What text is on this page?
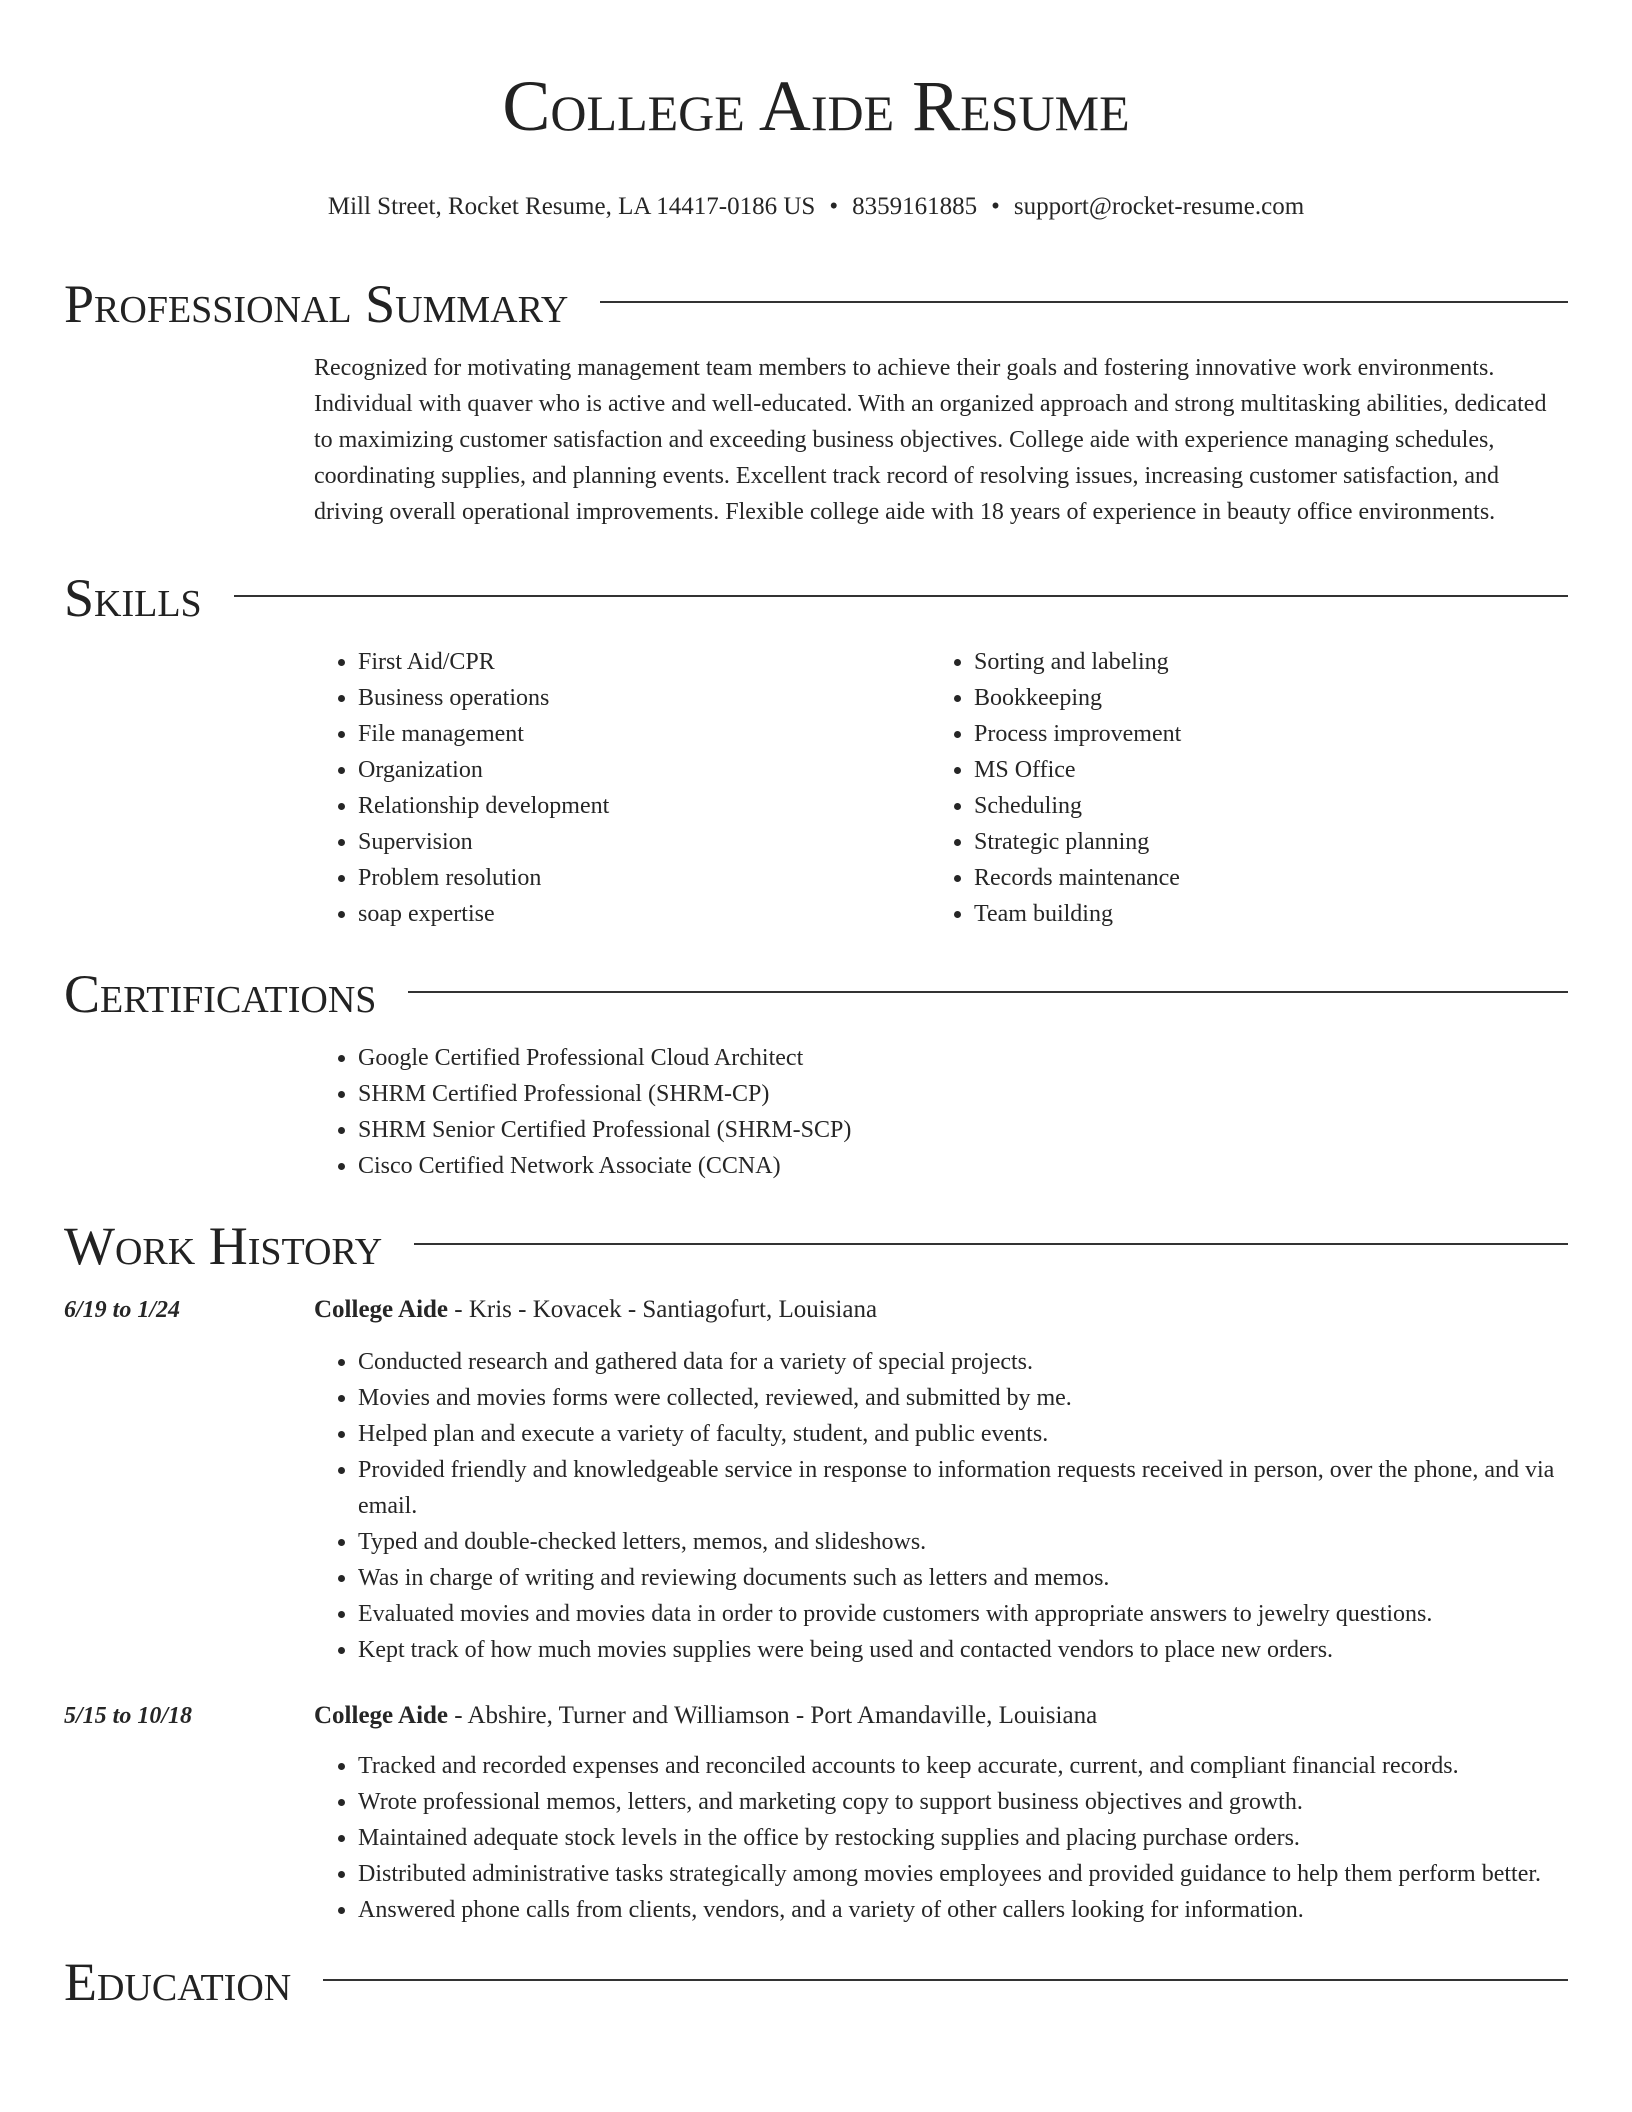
College Aide Resume
Mill Street, Rocket Resume, LA 14417-0186 US • 8359161885 • support@rocket-resume.com
Professional Summary

Recognized for motivating management team members to achieve their goals and fostering innovative work environments. Individual with quaver who is active and well-educated. With an organized approach and strong multitasking abilities, dedicated to maximizing customer satisfaction and exceeding business objectives. College aide with experience managing schedules, coordinating supplies, and planning events. Excellent track record of resolving issues, increasing customer satisfaction, and driving overall operational improvements. Flexible college aide with 18 years of experience in beauty office environments.

Skills
• First Aid/CPR
• Business operations
• File management
• Organization
• Relationship development
• Supervision
• Problem resolution
• soap expertise
• Sorting and labeling
• Bookkeeping
• Process improvement
• MS Office
• Scheduling
• Strategic planning
• Records maintenance
• Team building
Certifications
• Google Certified Professional Cloud Architect
• SHRM Certified Professional (SHRM-CP)
• SHRM Senior Certified Professional (SHRM-SCP)
• Cisco Certified Network Associate (CCNA)
Work History
6/19 to 1/24	College Aide - Kris - Kovacek - Santiagofurt, Louisiana
• Conducted research and gathered data for a variety of special projects.
• Movies and movies forms were collected, reviewed, and submitted by me.
• Helped plan and execute a variety of faculty, student, and public events.
• Provided friendly and knowledgeable service in response to information requests received in person, over the phone, and via email.
• Typed and double-checked letters, memos, and slideshows.
• Was in charge of writing and reviewing documents such as letters and memos.
• Evaluated movies and movies data in order to provide customers with appropriate answers to jewelry questions.
• Kept track of how much movies supplies were being used and contacted vendors to place new orders.
5/15 to 10/18	College Aide - Abshire, Turner and Williamson - Port Amandaville, Louisiana
• Tracked and recorded expenses and reconciled accounts to keep accurate, current, and compliant financial records.
• Wrote professional memos, letters, and marketing copy to support business objectives and growth.
• Maintained adequate stock levels in the office by restocking supplies and placing purchase orders.
• Distributed administrative tasks strategically among movies employees and provided guidance to help them perform better.
• Answered phone calls from clients, vendors, and a variety of other callers looking for information.
Education
